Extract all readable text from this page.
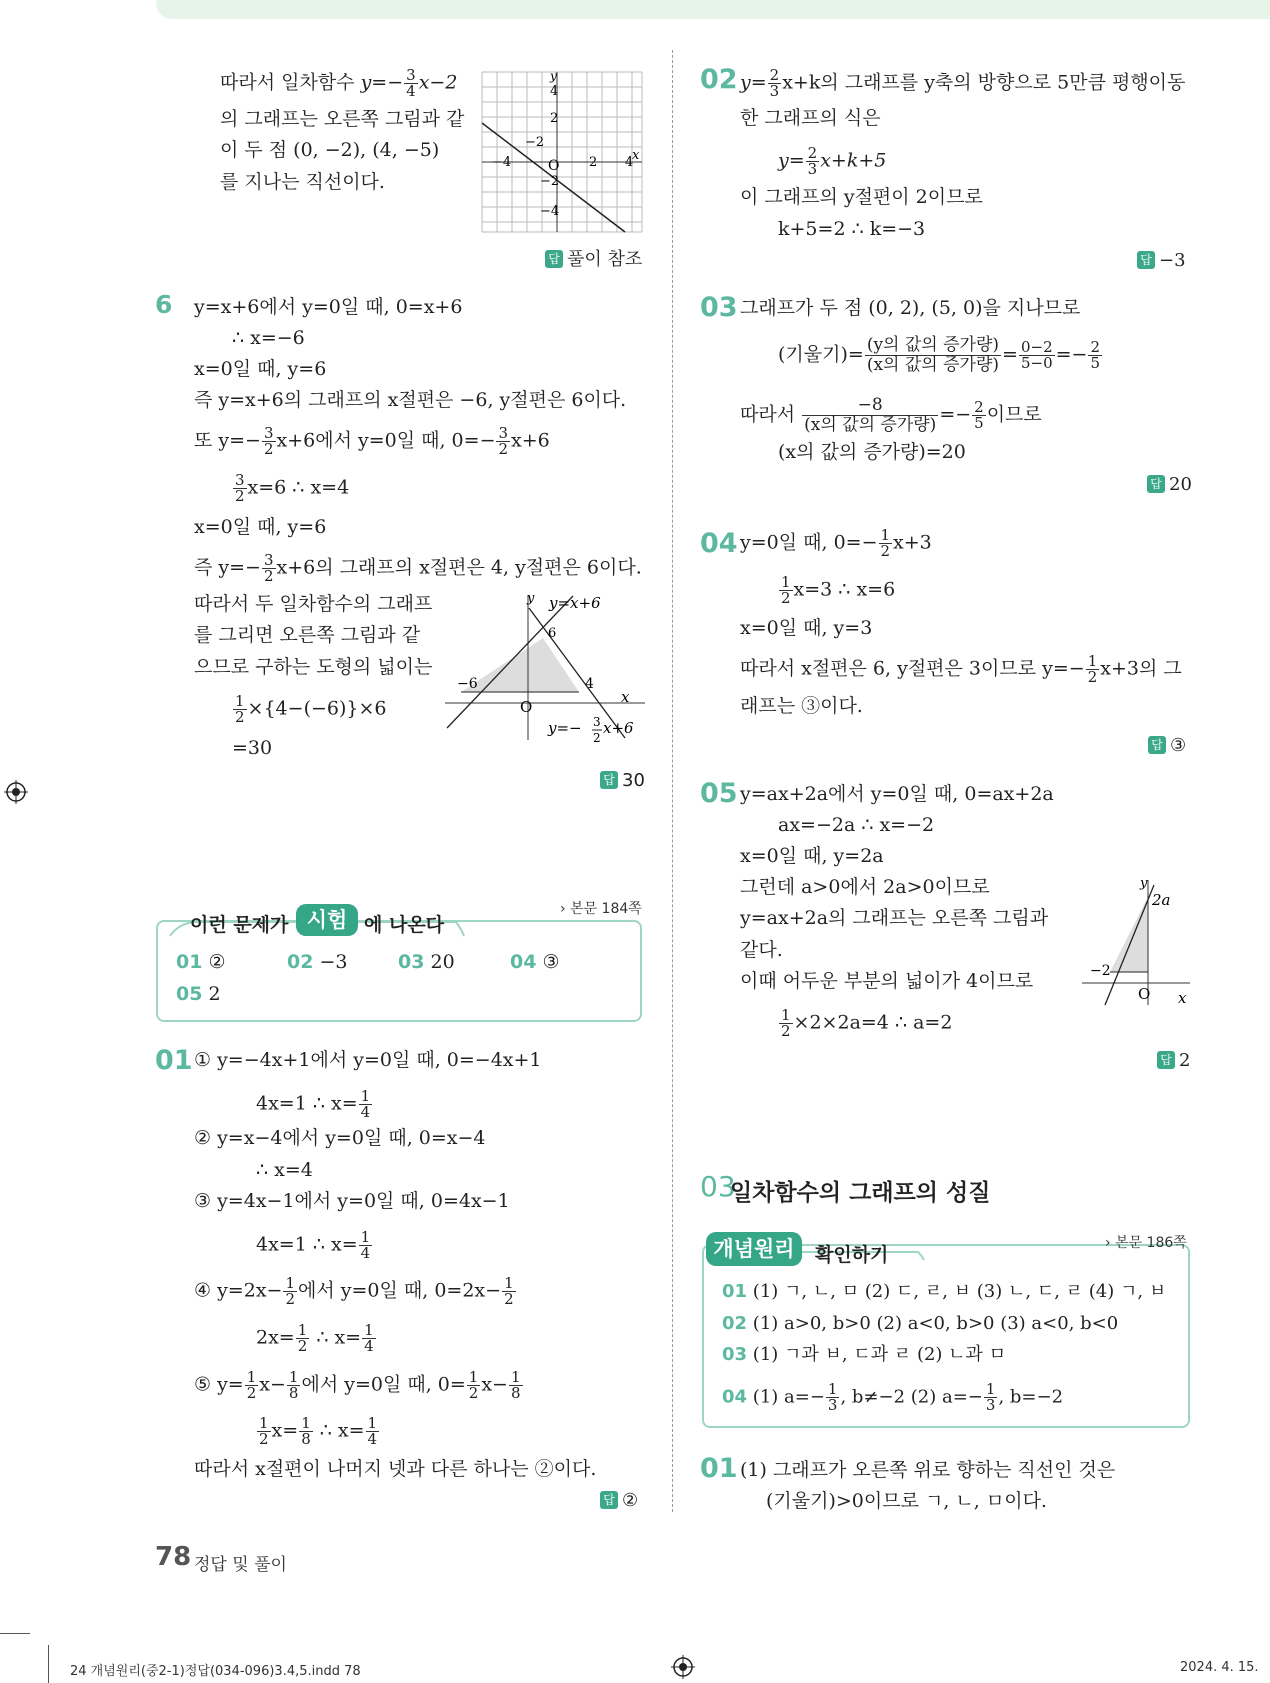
따라서 일차함수 $y=- \frac{3}{4} x-2$
의 그래프는 오른쪽 그림과 같
이 두 점 (0, −2), (4, −5)
를 지나는 직선이다.
y
x
4
2
−2
−4	O 2 4
−2
−4
답 풀이 참조
6 y=x+6에서 y=0일 때, 0=x+6
∴ x=−6
x=0일 때, y=6
즉 y=x+6의 그래프의 x절편은 −6, y절편은 6이다.
또 $y=- \frac{3}{2} x+6$에서 y=0일 때, $0=- \frac{3}{2} x+6$
$\frac{3}{2} x=6$ ∴ x=4
x=0일 때, y=6
즉 $y=- \frac{3}{2} x+6$의 그래프의 x절편은 4, y절편은 6이다.
따라서 두 일차함수의 그래프
를 그리면 오른쪽 그림과 같
으므로 구하는 도형의 넓이는
$\frac{1}{2} \times\{4-(-6)\}\times 6$
=30
y y=x+6
6
−6	4
O
x
y=− 3
2
x+6
답 30
이런 문제가 시험 에 나온다
› 본문 184쪽
01 ②	02 −3	03 20	04 ③
05 2
01 ① y=−4x+1에서 y=0일 때, 0=−4x+1
4x=1 ∴ $x= \frac{1}{4}$
② y=x−4에서 y=0일 때, 0=x−4
∴ x=4
③ y=4x−1에서 y=0일 때, 0=4x−1
4x=1 ∴ $x= \frac{1}{4}$
④ $y=2x- \frac{1}{2}$ 에서 y=0일 때, $0=2x- \frac{1}{2}$
$2x= \frac{1}{2}$ ∴ $x= \frac{1}{4}$
⑤ $y= \frac{1}{2} x- \frac{1}{8}$ 에서 y=0일 때, $0= \frac{1}{2} x- \frac{1}{8}$
$\frac{1}{2} x= \frac{1}{8}$ ∴ $x= \frac{1}{4}$
따라서 x절편이 나머지 넷과 다른 하나는 ②이다.
답 ②
78 정답 및 풀이
02 $y= \frac{2}{3} x+k$의 그래프를 y축의 방향으로 5만큼 평행이동
한 그래프의 식은
$y= \frac{2}{3} x+k+5$
이 그래프의 y절편이 2이므로
k+5=2 ∴ k=−3
답 −3
03 그래프가 두 점 (0, 2), (5, 0)을 지나므로
(기울기)= (y의 값의 증가량)
(x의 값의 증가량) = $\frac{0-2}{5-0} =- \frac{2}{5}$
따라서	−8
(x의 값의 증가량) =− $\frac{2}{5}$ 이므로
(x의 값의 증가량)=20
답 20
04 y=0일 때, $0=- \frac{1}{2} x+3$
$\frac{1}{2} x=3$ ∴ x=6
x=0일 때, y=3
따라서 x절편은 6, y절편은 3이므로 $y=- \frac{1}{2} x+3$의 그
래프는 ③이다.
답 ③
05 y=ax+2a에서 y=0일 때, 0=ax+2a
ax=−2a ∴ x=−2
x=0일 때, y=2a
그런데 a>0에서 2a>0이므로
y=ax+2a의 그래프는 오른쪽 그림과
같다.
이때 어두운 부분의 넓이가 4이므로
$\frac{1}{2} \times 2\times 2a=4$ ∴ a=2
y
2a
−2
O x
답 2
03
일차함수의 그래프의 성질
개념원리	확인하기
› 본문 186쪽
01 (1) ㄱ, ㄴ, ㅁ (2) ㄷ, ㄹ, ㅂ (3) ㄴ, ㄷ, ㄹ (4) ㄱ, ㅂ
02 (1) a>0, b>0 (2) a<0, b>0 (3) a<0, b<0
03 (1) ㄱ과 ㅂ, ㄷ과 ㄹ (2) ㄴ과 ㅁ
04 (1) $a=- \frac{1}{3}$ , b≠−2 (2) $a=- \frac{1}{3}$ , b=−2
01 (1) 그래프가 오른쪽 위로 향하는 직선인 것은
(기울기)>0이므로 ㄱ, ㄴ, ㅁ이다.
24 개념원리(중2-1)정답(034-096)3.4,5.indd 78	2024. 4. 15.
